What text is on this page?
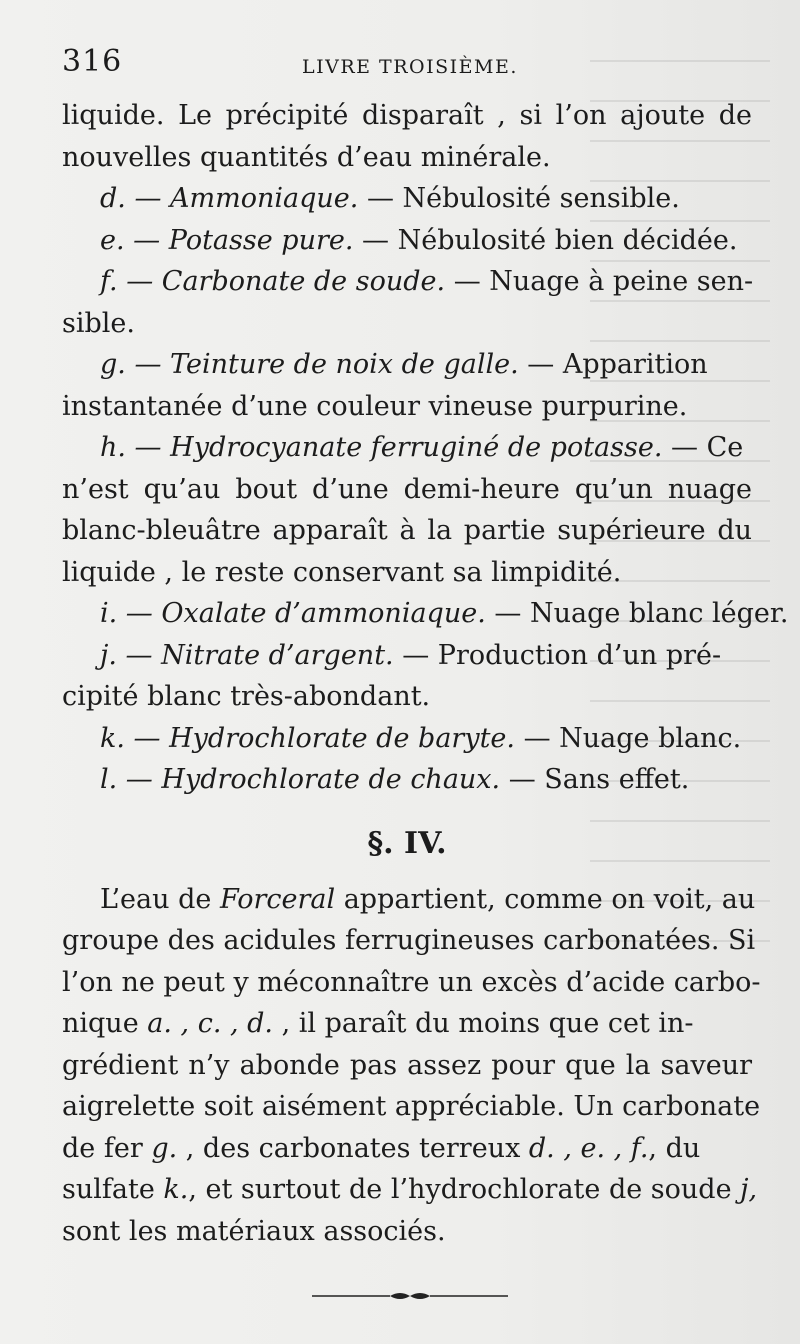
316	LIVRE TROISIÈME.
liquide. Le précipité disparaît , si l’on ajoute de
nouvelles quantités d’eau minérale.
d. — Ammoniaque. — Nébulosité sensible.
e. — Potasse pure. — Nébulosité bien décidée.
f. — Carbonate de soude. — Nuage à peine sen-
sible.
g. — Teinture de noix de galle. — Apparition
instantanée d’une couleur vineuse purpurine.
h. — Hydrocyanate ferruginé de potasse. — Ce
n’est qu’au bout d’une demi-heure qu’un nuage
blanc-bleuâtre apparaît à la partie supérieure du
liquide , le reste conservant sa limpidité.
i. — Oxalate d’ammoniaque. — Nuage blanc léger.
j. — Nitrate d’argent. — Production d’un pré-
cipité blanc très-abondant.
k. — Hydrochlorate de baryte. — Nuage blanc.
l. — Hydrochlorate de chaux. — Sans effet.
§. IV.
L’eau de Forceral appartient, comme on voit, au
groupe des acidules ferrugineuses carbonatées. Si
l’on ne peut y méconnaître un excès d’acide carbo-
nique a. , c. , d. , il paraît du moins que cet in-
grédient n’y abonde pas assez pour que la saveur
aigrelette soit aisément appréciable. Un carbonate
de fer g. , des carbonates terreux d. , e. , f., du
sulfate k., et surtout de l’hydrochlorate de soude j,
sont les matériaux associés.
